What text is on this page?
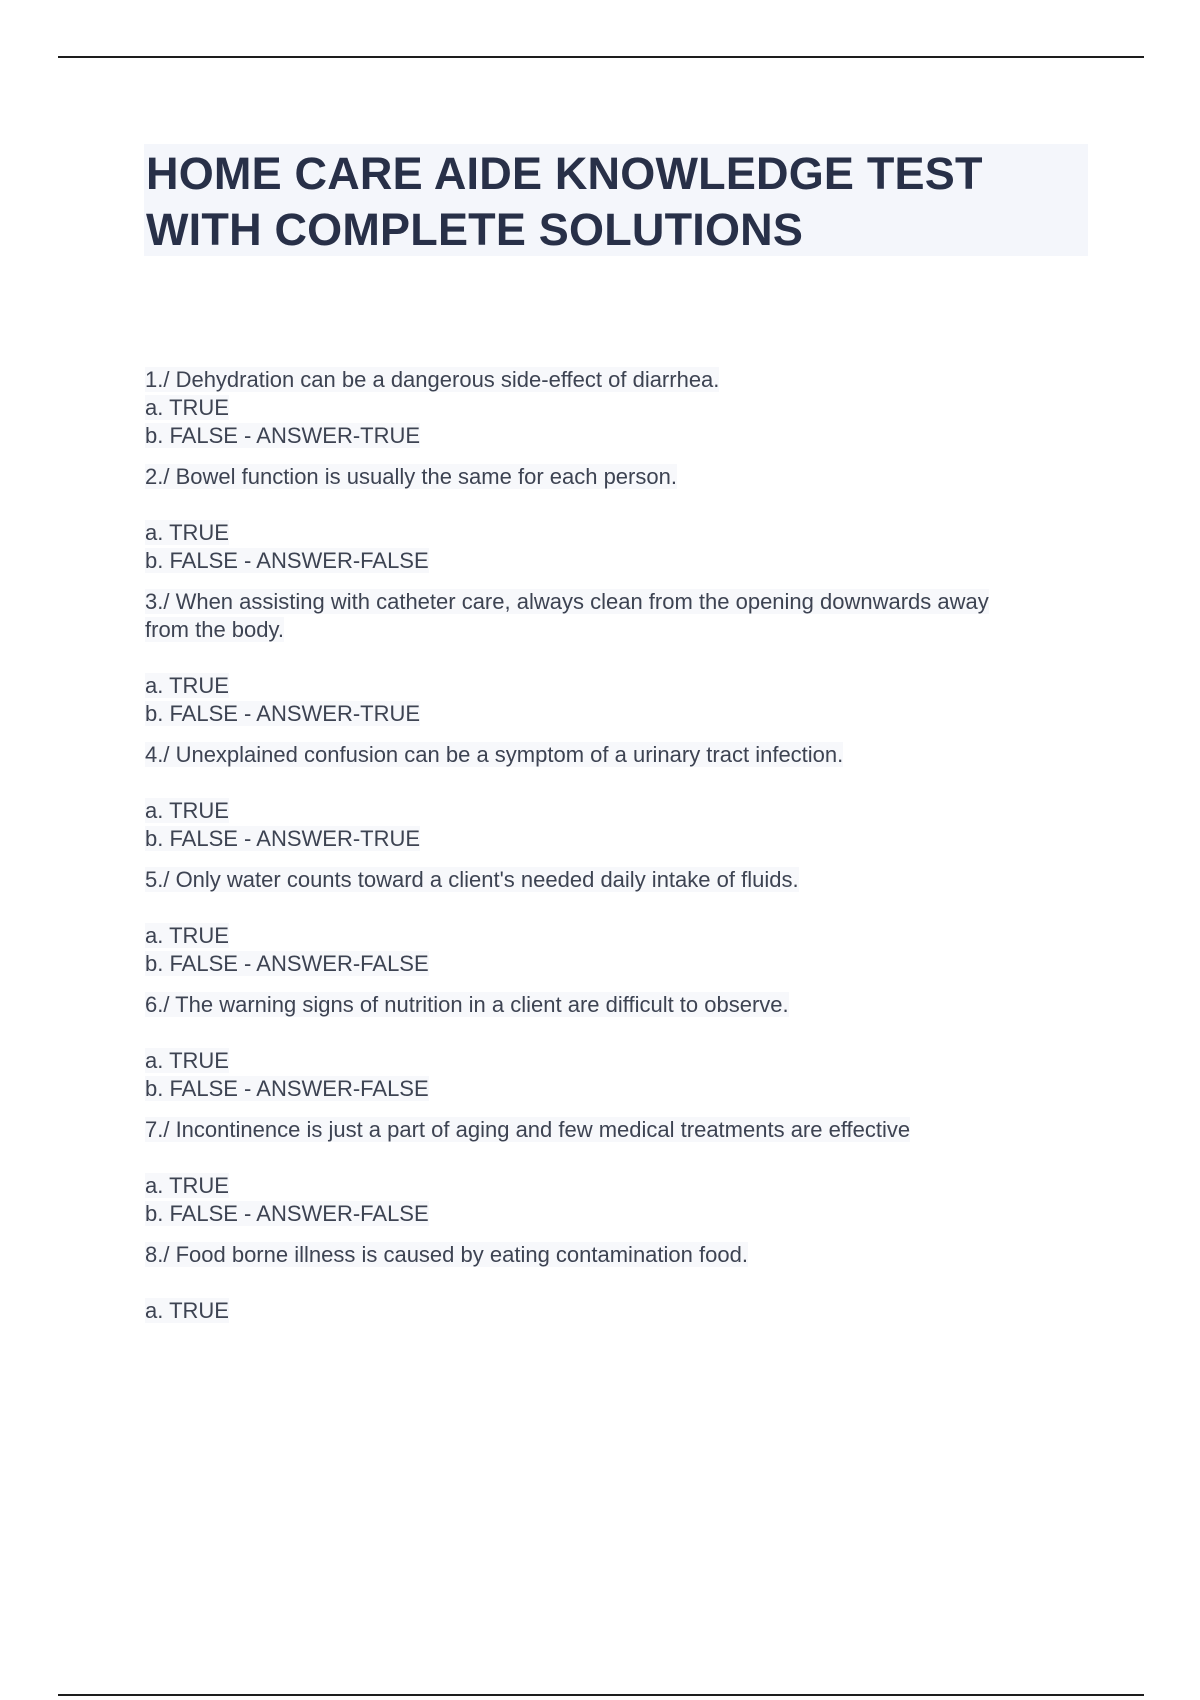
HOME CARE AIDE KNOWLEDGE TEST
WITH COMPLETE SOLUTIONS
1./ Dehydration can be a dangerous side-effect of diarrhea.
a. TRUE
b. FALSE - ANSWER-TRUE
2./ Bowel function is usually the same for each person.
a. TRUE
b. FALSE - ANSWER-FALSE
3./ When assisting with catheter care, always clean from the opening downwards away
from the body.
a. TRUE
b. FALSE - ANSWER-TRUE
4./ Unexplained confusion can be a symptom of a urinary tract infection.
a. TRUE
b. FALSE - ANSWER-TRUE
5./ Only water counts toward a client's needed daily intake of fluids.
a. TRUE
b. FALSE - ANSWER-FALSE
6./ The warning signs of nutrition in a client are difficult to observe.
a. TRUE
b. FALSE - ANSWER-FALSE
7./ Incontinence is just a part of aging and few medical treatments are effective
a. TRUE
b. FALSE - ANSWER-FALSE
8./ Food borne illness is caused by eating contamination food.
a. TRUE
